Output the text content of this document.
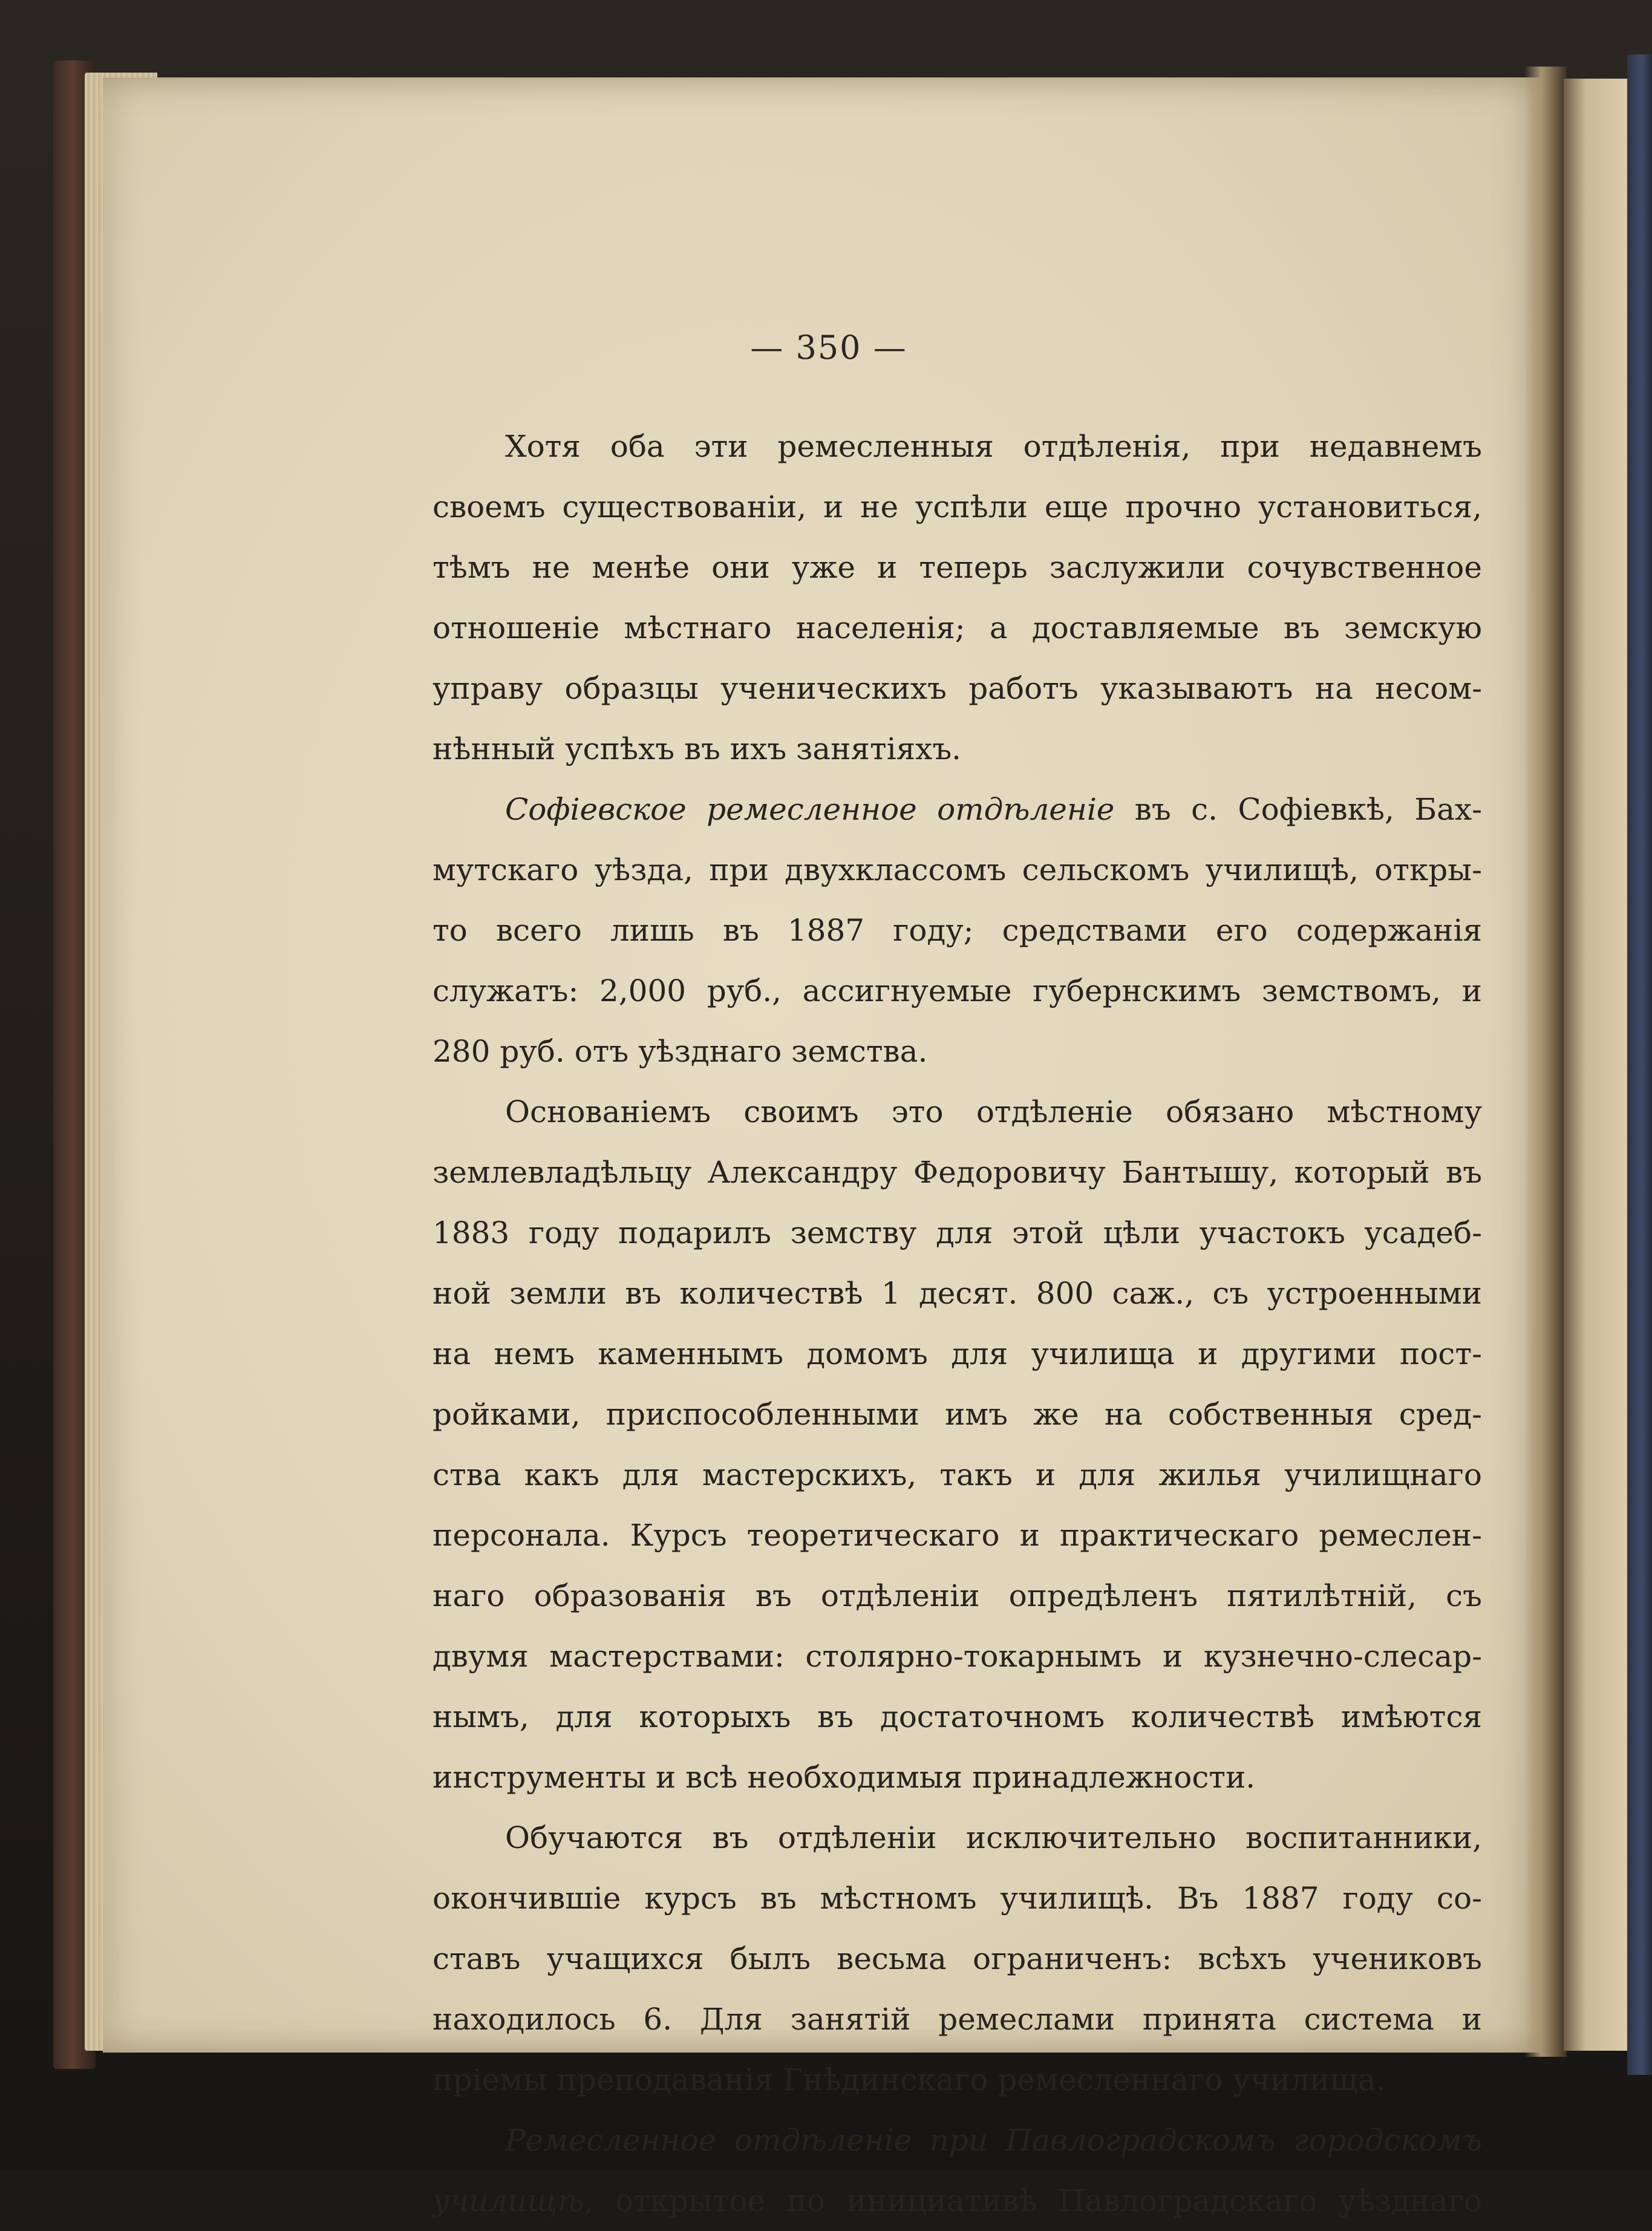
— 350 —
Хотя оба эти ремесленныя отдѣленія, при недавнемъ
своемъ существованіи, и не успѣли еще прочно установиться,
тѣмъ не менѣе они уже и теперь заслужили сочувственное
отношеніе мѣстнаго населенія; а доставляемые въ земскую
управу образцы ученическихъ работъ указываютъ на несом-
нѣнный успѣхъ въ ихъ занятіяхъ.
Софіевское ремесленное отдѣленіе въ с. Софіевкѣ, Бах-
мутскаго уѣзда, при двухклассомъ сельскомъ училищѣ, откры-
то всего лишь въ 1887 году; средствами его содержанія
служатъ: 2,000 руб., ассигнуемые губернскимъ земствомъ, и
280 руб. отъ уѣзднаго земства.
Основаніемъ своимъ это отдѣленіе обязано мѣстному
землевладѣльцу Александру Федоровичу Бантышу, который въ
1883 году подарилъ земству для этой цѣли участокъ усадеб-
ной земли въ количествѣ 1 десят. 800 саж., съ устроенными
на немъ каменнымъ домомъ для училища и другими пост-
ройками, приспособленными имъ же на собственныя сред-
ства какъ для мастерскихъ, такъ и для жилья училищнаго
персонала. Курсъ теоретическаго и практическаго ремеслен-
наго образованія въ отдѣленіи опредѣленъ пятилѣтній, съ
двумя мастерствами: столярно-токарнымъ и кузнечно-слесар-
нымъ, для которыхъ въ достаточномъ количествѣ имѣются
инструменты и всѣ необходимыя принадлежности.
Обучаются въ отдѣленіи исключительно воспитанники,
окончившіе курсъ въ мѣстномъ училищѣ. Въ 1887 году со-
ставъ учащихся былъ весьма ограниченъ: всѣхъ учениковъ
находилось 6. Для занятій ремеслами принята система и
пріемы преподаванія Гнѣдинскаго ремесленнаго училища.
Ремесленное отдѣленіе при Павлоградскомъ городскомъ
училищѣ, открытое по инициативѣ Павлоградскаго уѣзднаго
